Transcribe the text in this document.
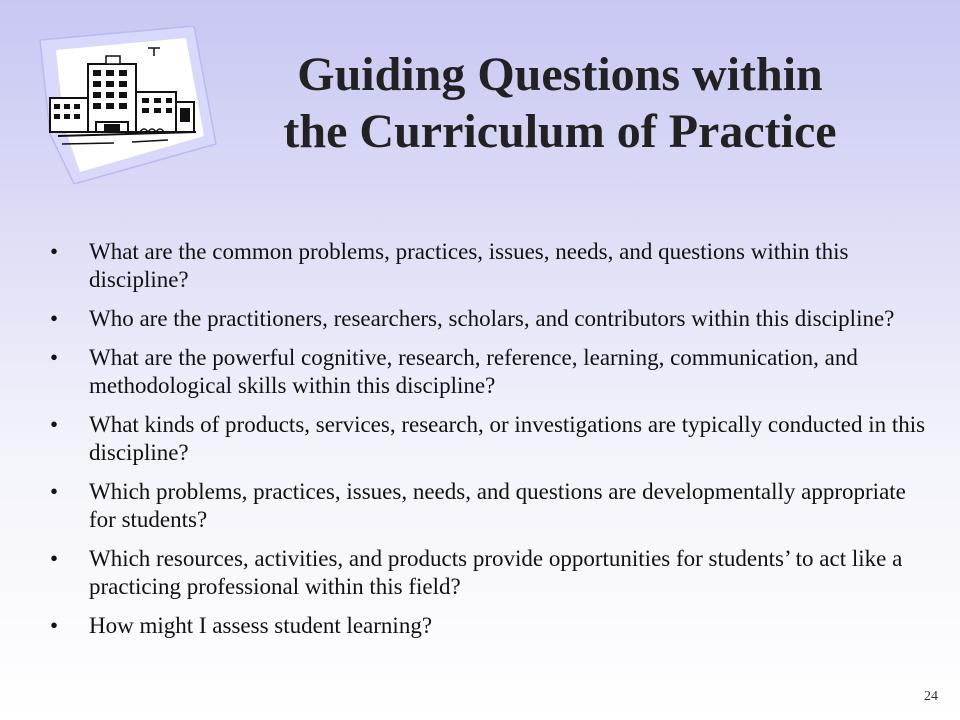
Guiding Questions within
the Curriculum of Practice
•	What are the common problems, practices, issues, needs, and questions within this discipline?
•	Who are the practitioners, researchers, scholars, and contributors within this discipline?
•	What are the powerful cognitive, research, reference, learning, communication, and methodological skills within this discipline?
•	What kinds of products, services, research, or investigations are typically conducted in this discipline?
•	Which problems, practices, issues, needs, and questions are developmentally appropriate for students?
•	Which resources, activities, and products provide opportunities for students’ to act like a practicing professional within this field?
•	How might I assess student learning?
24
